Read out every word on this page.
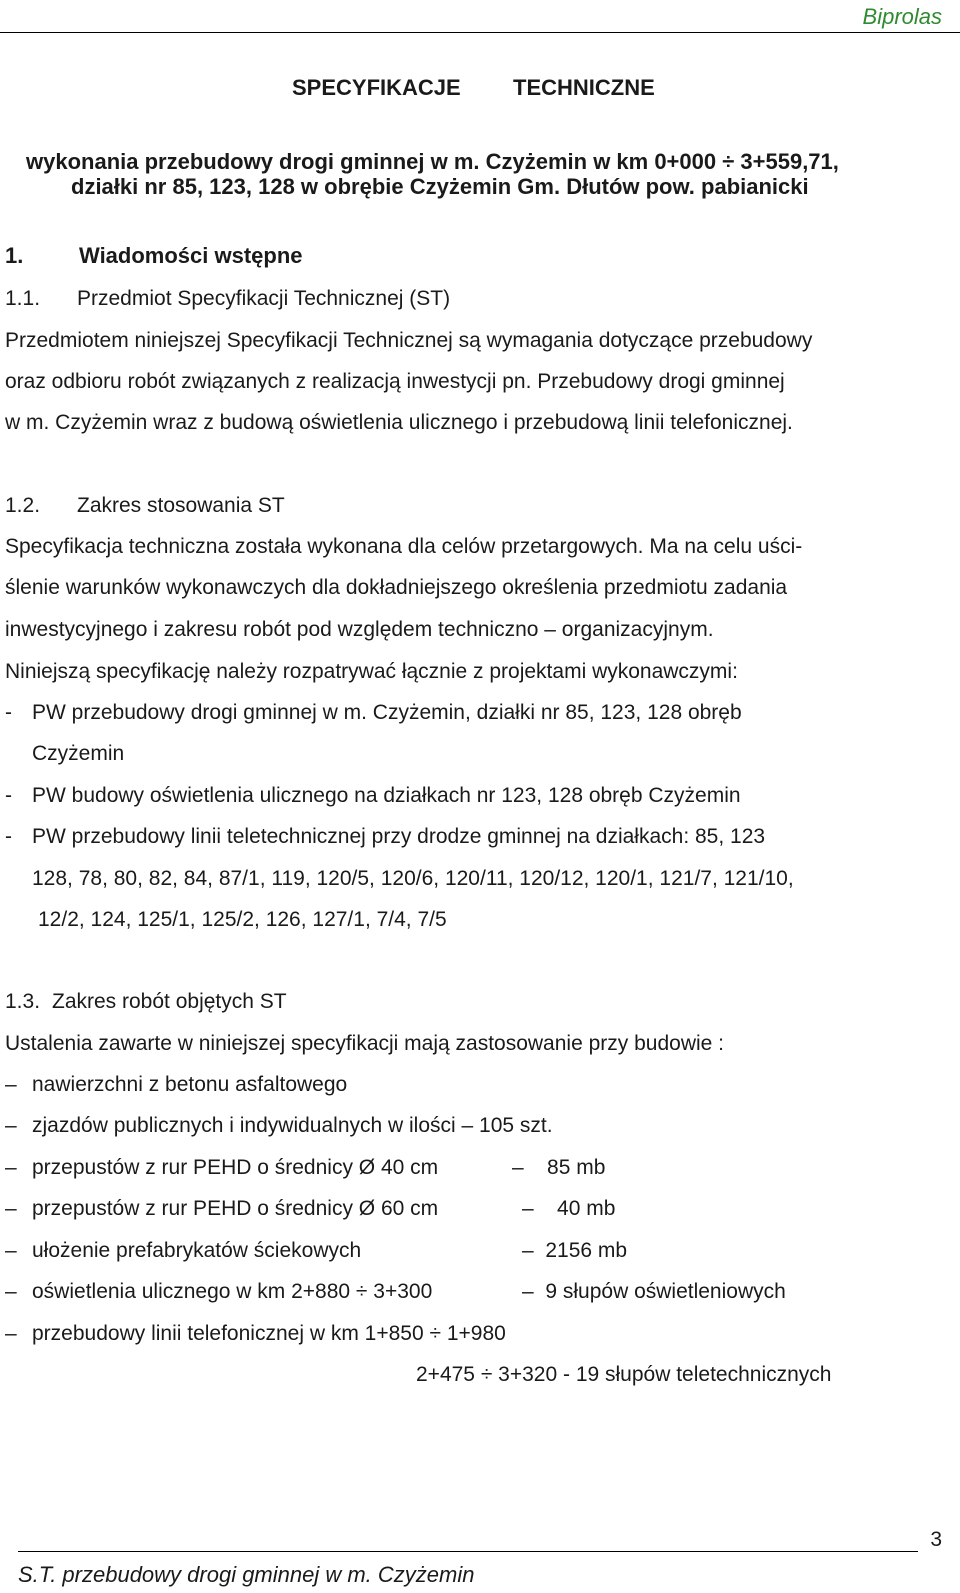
Biprolas
SPECYFIKACJE TECHNICZNE
wykonania przebudowy drogi gminnej w m. Czyżemin w km 0+000 ÷ 3+559,71,
działki nr 85, 123, 128 w obrębie Czyżemin Gm. Dłutów pow. pabianicki
1.	Wiadomości wstępne
1.1. Przedmiot Specyfikacji Technicznej (ST)
Przedmiotem niniejszej Specyfikacji Technicznej są wymagania dotyczące przebudowy
oraz odbioru robót związanych z realizacją inwestycji pn. Przebudowy drogi gminnej
w m. Czyżemin wraz z budową oświetlenia ulicznego i przebudową linii telefonicznej.
1.2. Zakres stosowania ST
Specyfikacja techniczna została wykonana dla celów przetargowych. Ma na celu uści-
ślenie warunków wykonawczych dla dokładniejszego określenia przedmiotu zadania
inwestycyjnego i zakresu robót pod względem techniczno – organizacyjnym.
Niniejszą specyfikację należy rozpatrywać łącznie z projektami wykonawczymi:
- PW przebudowy drogi gminnej w m. Czyżemin, działki nr 85, 123, 128 obręb
Czyżemin
- PW budowy oświetlenia ulicznego na działkach nr 123, 128 obręb Czyżemin
- PW przebudowy linii teletechnicznej przy drodze gminnej na działkach: 85, 123
128, 78, 80, 82, 84, 87/1, 119, 120/5, 120/6, 120/11, 120/12, 120/1, 121/7, 121/10,
12/2, 124, 125/1, 125/2, 126, 127/1, 7/4, 7/5
1.3. Zakres robót objętych ST
Ustalenia zawarte w niniejszej specyfikacji mają zastosowanie przy budowie :
– nawierzchni z betonu asfaltowego
– zjazdów publicznych i indywidualnych w ilości – 105 szt.
– przepustów z rur PEHD o średnicy Ø 40 cm	–    85 mb
– przepustów z rur PEHD o średnicy Ø 60 cm	–    40 mb
– ułożenie prefabrykatów ściekowych	–  2156 mb
– oświetlenia ulicznego w km 2+880 ÷ 3+300	–  9 słupów oświetleniowych
– przebudowy linii telefonicznej w km 1+850 ÷ 1+980
2+475 ÷ 3+320 - 19 słupów teletechnicznych
3
S.T. przebudowy drogi gminnej w m. Czyżemin
